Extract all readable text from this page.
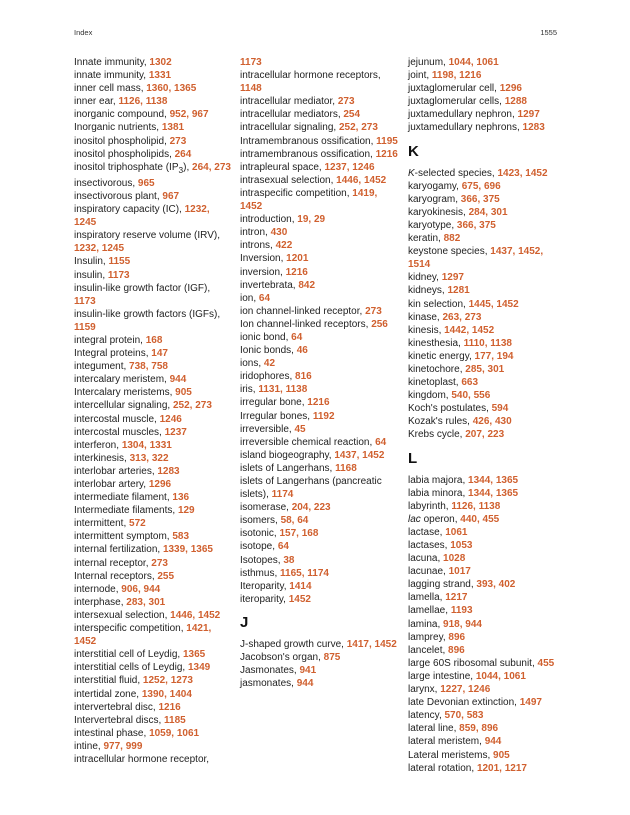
Index	1555
Innate immunity, 1302
innate immunity, 1331
inner cell mass, 1360, 1365
inner ear, 1126, 1138
inorganic compound, 952, 967
Inorganic nutrients, 1381
inositol phospholipid, 273
inositol phospholipids, 264
inositol triphosphate $(IP_3)$, 264, 273
insectivorous, 965
insectivorous plant, 967
inspiratory capacity (IC), 1232, 1245
inspiratory reserve volume (IRV), 1232, 1245
Insulin, 1155
insulin, 1173
insulin-like growth factor (IGF), 1173
insulin-like growth factors (IGFs), 1159
integral protein, 168
Integral proteins, 147
integument, 738, 758
intercalary meristem, 944
Intercalary meristems, 905
intercellular signaling, 252, 273
intercostal muscle, 1246
intercostal muscles, 1237
interferon, 1304, 1331
interkinesis, 313, 322
interlobar arteries, 1283
interlobar artery, 1296
intermediate filament, 136
Intermediate filaments, 129
intermittent, 572
intermittent symptom, 583
internal fertilization, 1339, 1365
internal receptor, 273
Internal receptors, 255
internode, 906, 944
interphase, 283, 301
intersexual selection, 1446, 1452
interspecific competition, 1421, 1452
interstitial cell of Leydig, 1365
interstitial cells of Leydig, 1349
interstitial fluid, 1252, 1273
intertidal zone, 1390, 1404
intervertebral disc, 1216
Intervertebral discs, 1185
intestinal phase, 1059, 1061
intine, 977, 999
intracellular hormone receptor,
1173
intracellular hormone receptors, 1148
intracellular mediator, 273
intracellular mediators, 254
intracellular signaling, 252, 273
Intramembranous ossification, 1195
intramembranous ossification, 1216
intrapleural space, 1237, 1246
intrasexual selection, 1446, 1452
intraspecific competition, 1419, 1452
introduction, 19, 29
intron, 430
introns, 422
Inversion, 1201
inversion, 1216
invertebrata, 842
ion, 64
ion channel-linked receptor, 273
Ion channel-linked receptors, 256
ionic bond, 64
Ionic bonds, 46
ions, 42
iridophores, 816
iris, 1131, 1138
irregular bone, 1216
Irregular bones, 1192
irreversible, 45
irreversible chemical reaction, 64
island biogeography, 1437, 1452
islets of Langerhans, 1168
islets of Langerhans (pancreatic islets), 1174
isomerase, 204, 223
isomers, 58, 64
isotonic, 157, 168
isotope, 64
Isotopes, 38
isthmus, 1165, 1174
Iteroparity, 1414
iteroparity, 1452
J
J-shaped growth curve, 1417, 1452
Jacobson's organ, 875
Jasmonates, 941
jasmonates, 944
jejunum, 1044, 1061
joint, 1198, 1216
juxtaglomerular cell, 1296
juxtaglomerular cells, 1288
juxtamedullary nephron, 1297
juxtamedullary nephrons, 1283
K
K-selected species, 1423, 1452
karyogamy, 675, 696
karyogram, 366, 375
karyokinesis, 284, 301
karyotype, 366, 375
keratin, 882
keystone species, 1437, 1452, 1514
kidney, 1297
kidneys, 1281
kin selection, 1445, 1452
kinase, 263, 273
kinesis, 1442, 1452
kinesthesia, 1110, 1138
kinetic energy, 177, 194
kinetochore, 285, 301
kinetoplast, 663
kingdom, 540, 556
Koch's postulates, 594
Kozak's rules, 426, 430
Krebs cycle, 207, 223
L
labia majora, 1344, 1365
labia minora, 1344, 1365
labyrinth, 1126, 1138
lac operon, 440, 455
lactase, 1061
lactases, 1053
lacuna, 1028
lacunae, 1017
lagging strand, 393, 402
lamella, 1217
lamellae, 1193
lamina, 918, 944
lamprey, 896
lancelet, 896
large 60S ribosomal subunit, 455
large intestine, 1044, 1061
larynx, 1227, 1246
late Devonian extinction, 1497
latency, 570, 583
lateral line, 859, 896
lateral meristem, 944
Lateral meristems, 905
lateral rotation, 1201, 1217
